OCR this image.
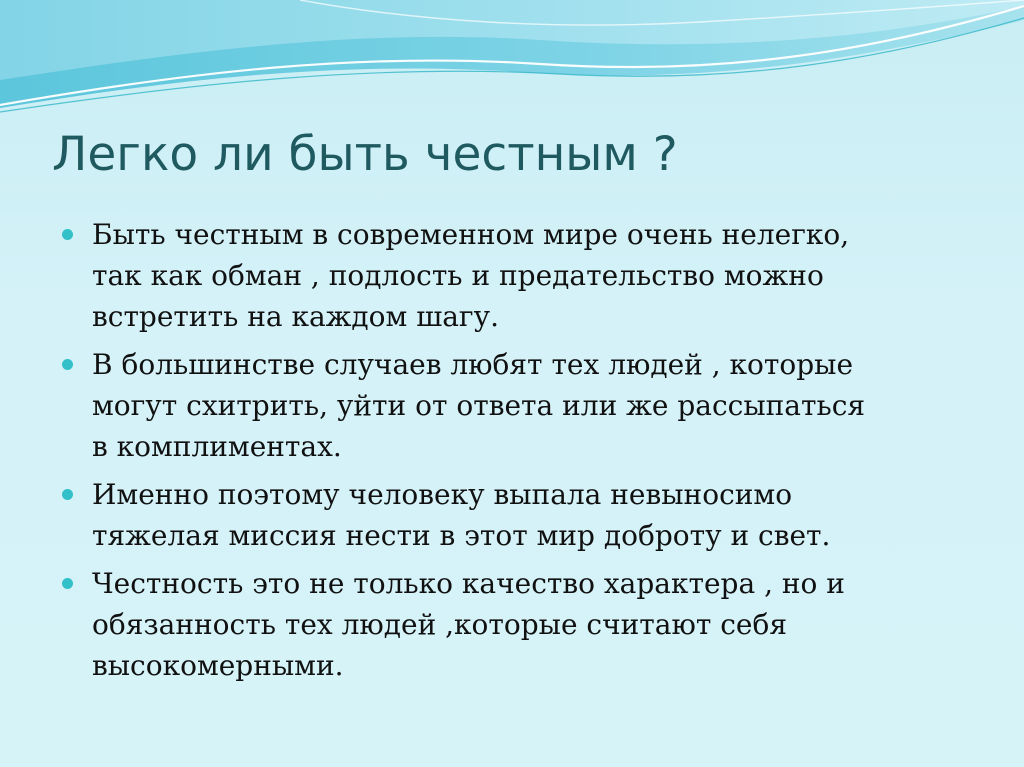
Легко ли быть честным ?
Быть честным в современном мире очень нелегко,
так как обман , подлость и предательство можно
встретить на каждом шагу.
В большинстве случаев любят тех людей , которые
могут схитрить, уйти от ответа или же рассыпаться
в комплиментах.
Именно поэтому человеку выпала невыносимо
тяжелая миссия нести в этот мир доброту и свет.
Честность это не только качество характера , но и
обязанность тех людей ,которые считают себя
высокомерными.
